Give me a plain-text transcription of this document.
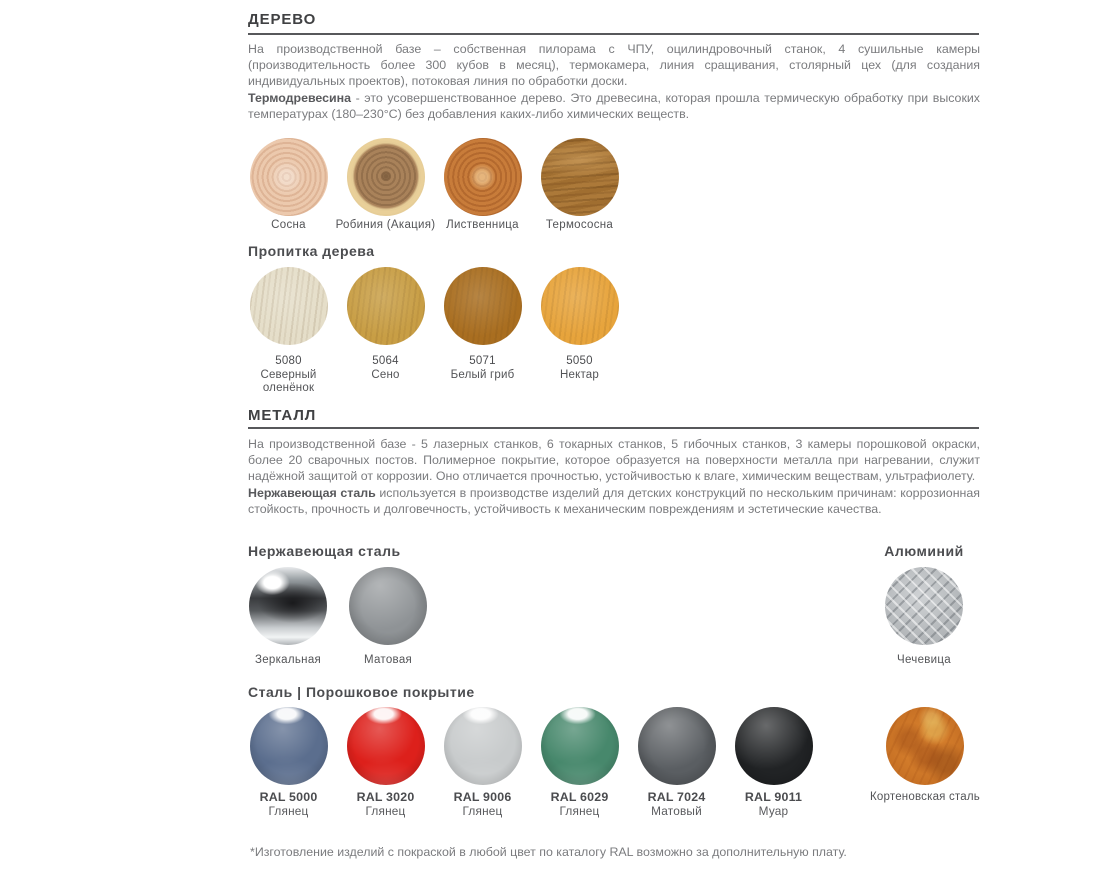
ДЕРЕВО

На производственной базе – собственная пилорама с ЧПУ, оцилиндровочный станок, 4 сушильные камеры (производительность более 300 кубов в месяц), термокамера, линия сращивания, столярный цех (для создания индивидуальных проектов), потоковая линия по обработки доски.

Термодревесина - это усовершенствованное дерево. Это древесина, которая прошла термическую обработку при высоких температурах (180–230°С) без добавления каких-либо химических веществ.

Сосна	Робиния (Акация) Лиственница Термососна
Пропитка дерева
5080
Северный оленёнок
5064
Сено
5071
Белый гриб
5050
Нектар
МЕТАЛЛ

На производственной базе - 5 лазерных станков, 6 токарных станков, 5 гибочных станков, 3 камеры порошковой окраски, более 20 сварочных постов. Полимерное покрытие, которое образуется на поверхности металла при нагревании, служит надёжной защитой от коррозии. Оно отличается прочностью, устойчивостью к влаге, химическим веществам, ультрафиолету.

Нержавеющая сталь используется в производстве изделий для детских конструкций по нескольким причинам: коррозионная стойкость, прочность и долговечность, устойчивость к механическим повреждениям и эстетические качества.

Нержавеющая сталь
Зеркальная	Матовая
Алюминий
Чечевица
Сталь | Порошковое покрытие
RAL 5000
Глянец
RAL 3020
Глянец
RAL 9006
Глянец
RAL 6029
Глянец
RAL 7024
Матовый
RAL 9011
Муар
Кортеновская сталь
*Изготовление изделий с покраской в любой цвет по каталогу RAL возможно за дополнительную плату.
